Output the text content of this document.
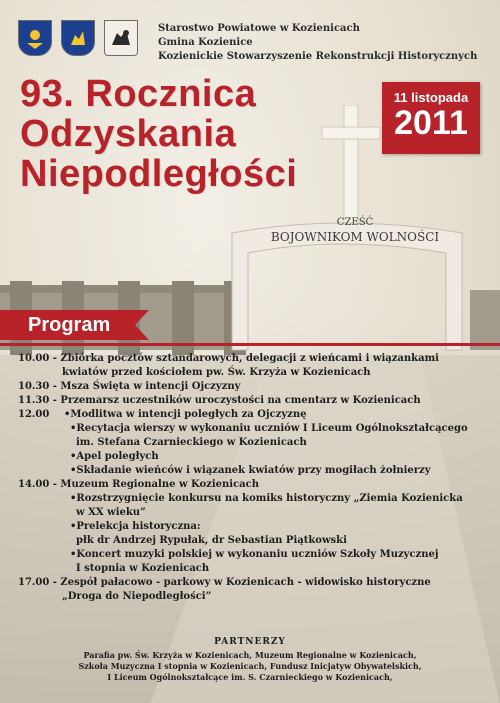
Starostwo Powiatowe w Kozienicach
Gmina Kozienice
Kozienickie Stowarzyszenie Rekonstrukcji Historycznych
93. Rocznica
Odzyskania
Niepodległości
11 listopada
2011
CZEŚĆ
BOJOWNIKOM WOLNOŚCI
Program
10.00 - Zbiórka pocztów sztandarowych, delegacji z wieńcami i wiązankami
kwiatów przed kościołem pw. Św. Krzyża w Kozienicach
10.30 - Msza Święta w intencji Ojczyzny
11.30 - Przemarsz uczestników uroczystości na cmentarz w Kozienicach
12.00	•Modlitwa w intencji poległych za Ojczyznę
•Recytacja wierszy w wykonaniu uczniów I Liceum Ogólnokształcącego
im. Stefana Czarnieckiego w Kozienicach
•Apel poległych
•Składanie wieńców i wiązanek kwiatów przy mogiłach żołnierzy
14.00 - Muzeum Regionalne w Kozienicach
•Rozstrzygnięcie konkursu na komiks historyczny „Ziemia Kozienicka
w XX wieku”
•Prelekcja historyczna:
płk dr Andrzej Rypułak, dr Sebastian Piątkowski
•Koncert muzyki polskiej w wykonaniu uczniów Szkoły Muzycznej
I stopnia w Kozienicach
17.00 - Zespół pałacowo - parkowy w Kozienicach - widowisko historyczne
„Droga do Niepodległości”
PARTNERZY
Parafia pw. Św. Krzyża w Kozienicach, Muzeum Regionalne w Kozienicach,
Szkoła Muzyczna I stopnia w Kozienicach, Fundusz Inicjatyw Obywatelskich,
I Liceum Ogólnokształcące im. S. Czarnieckiego w Kozienicach,
